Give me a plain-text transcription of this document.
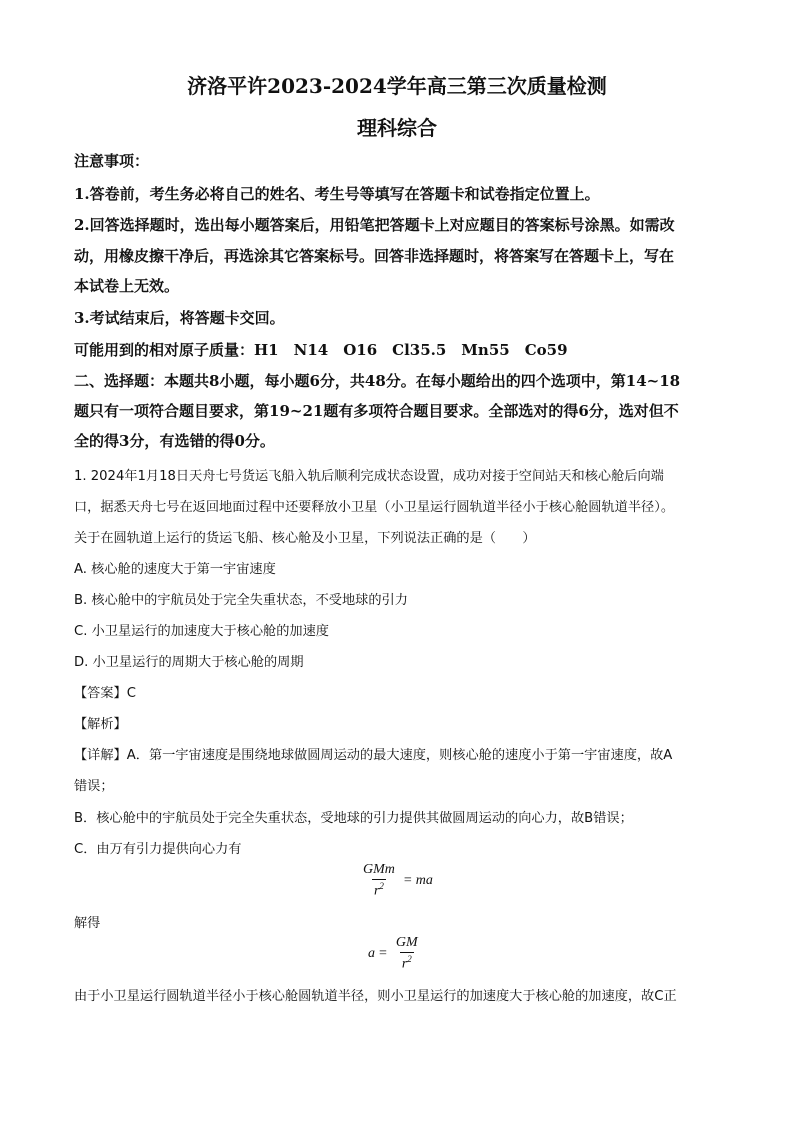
济洛平许2023-2024学年高三第三次质量检测
理科综合
注意事项：
1.答卷前，考生务必将自己的姓名、考生号等填写在答题卡和试卷指定位置上。
2.回答选择题时，选出每小题答案后，用铅笔把答题卡上对应题目的答案标号涂黑。如需改
动，用橡皮擦干净后，再选涂其它答案标号。回答非选择题时，将答案写在答题卡上，写在
本试卷上无效。
3.考试结束后，将答题卡交回。
可能用到的相对原子质量：H1　N14　O16　Cl35.5　Mn55　Co59
二、选择题：本题共8小题，每小题6分，共48分。在每小题给出的四个选项中，第14~18
题只有一项符合题目要求，第19~21题有多项符合题目要求。全部选对的得6分，选对但不
全的得3分，有选错的得0分。
1. 2024年1月18日天舟七号货运飞船入轨后顺利完成状态设置，成功对接于空间站天和核心舱后向端
口，据悉天舟七号在返回地面过程中还要释放小卫星（小卫星运行圆轨道半径小于核心舱圆轨道半径）。
关于在圆轨道上运行的货运飞船、核心舱及小卫星，下列说法正确的是（　　）
A. 核心舱的速度大于第一宇宙速度
B. 核心舱中的宇航员处于完全失重状态，不受地球的引力
C. 小卫星运行的加速度大于核心舱的加速度
D. 小卫星运行的周期大于核心舱的周期
【答案】C
【解析】
【详解】A．第一宇宙速度是围绕地球做圆周运动的最大速度，则核心舱的速度小于第一宇宙速度，故A
错误；
B．核心舱中的宇航员处于完全失重状态，受地球的引力提供其做圆周运动的向心力，故B错误；
C．由万有引力提供向心力有
$\frac{\text{GMm}}{r^2}$ = ma
解得
$a = \frac{GM}{r^2}$
由于小卫星运行圆轨道半径小于核心舱圆轨道半径，则小卫星运行的加速度大于核心舱的加速度，故C正
